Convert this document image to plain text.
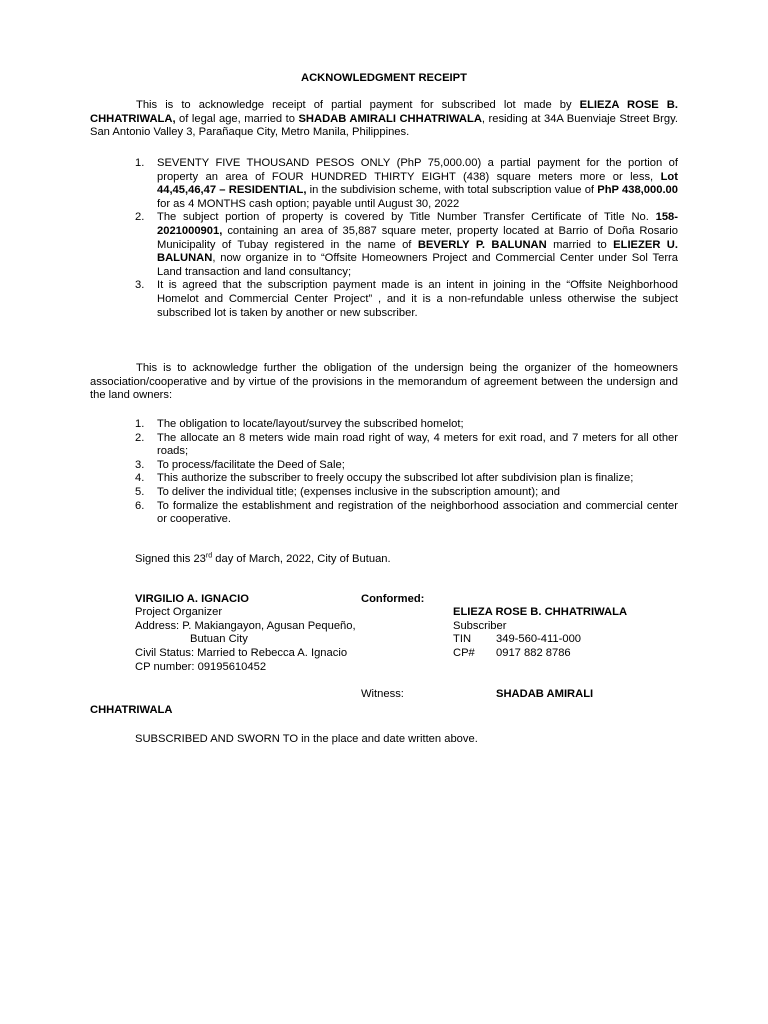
ACKNOWLEDGMENT RECEIPT
This is to acknowledge receipt of partial payment for subscribed lot made by ELIEZA ROSE B. CHHATRIWALA, of legal age, married to SHADAB AMIRALI CHHATRIWALA, residing at 34A Buenviaje Street Brgy. San Antonio Valley 3, Parañaque City, Metro Manila, Philippines.
1. SEVENTY FIVE THOUSAND PESOS ONLY (PhP 75,000.00) a partial payment for the portion of property an area of FOUR HUNDRED THIRTY EIGHT (438) square meters more or less, Lot 44,45,46,47 – RESIDENTIAL, in the subdivision scheme, with total subscription value of PhP 438,000.00 for as 4 MONTHS cash option; payable until August 30, 2022
2. The subject portion of property is covered by Title Number Transfer Certificate of Title No. 158-2021000901, containing an area of 35,887 square meter, property located at Barrio of Doña Rosario Municipality of Tubay registered in the name of BEVERLY P. BALUNAN married to ELIEZER U. BALUNAN, now organize in to “Offsite Homeowners Project and Commercial Center under Sol Terra Land transaction and land consultancy;
3. It is agreed that the subscription payment made is an intent in joining in the “Offsite Neighborhood Homelot and Commercial Center Project” , and it is a non-refundable unless otherwise the subject subscribed lot is taken by another or new subscriber.
This is to acknowledge further the obligation of the undersign being the organizer of the homeowners association/cooperative and by virtue of the provisions in the memorandum of agreement between the undersign and the land owners:
1. The obligation to locate/layout/survey the subscribed homelot;
2. The allocate an 8 meters wide main road right of way, 4 meters for exit road, and 7 meters for all other roads;
3. To process/facilitate the Deed of Sale;
4. This authorize the subscriber to freely occupy the subscribed lot after subdivision plan is finalize;
5. To deliver the individual title; (expenses inclusive in the subscription amount); and
6. To formalize the establishment and registration of the neighborhood association and commercial center or cooperative.
Signed this 23rd day of March, 2022, City of Butuan.
VIRGILIO A. IGNACIO
Project Organizer
Address: P. Makiangayon, Agusan Pequeño,
Butuan City
Civil Status: Married to Rebecca A. Ignacio
CP number: 09195610452
Conformed:
ELIEZA ROSE B. CHHATRIWALA
Subscriber
TIN 349-560-411-000
CP# 0917 882 8786
Witness:	SHADAB AMIRALI
CHHATRIWALA
SUBSCRIBED AND SWORN TO in the place and date written above.
